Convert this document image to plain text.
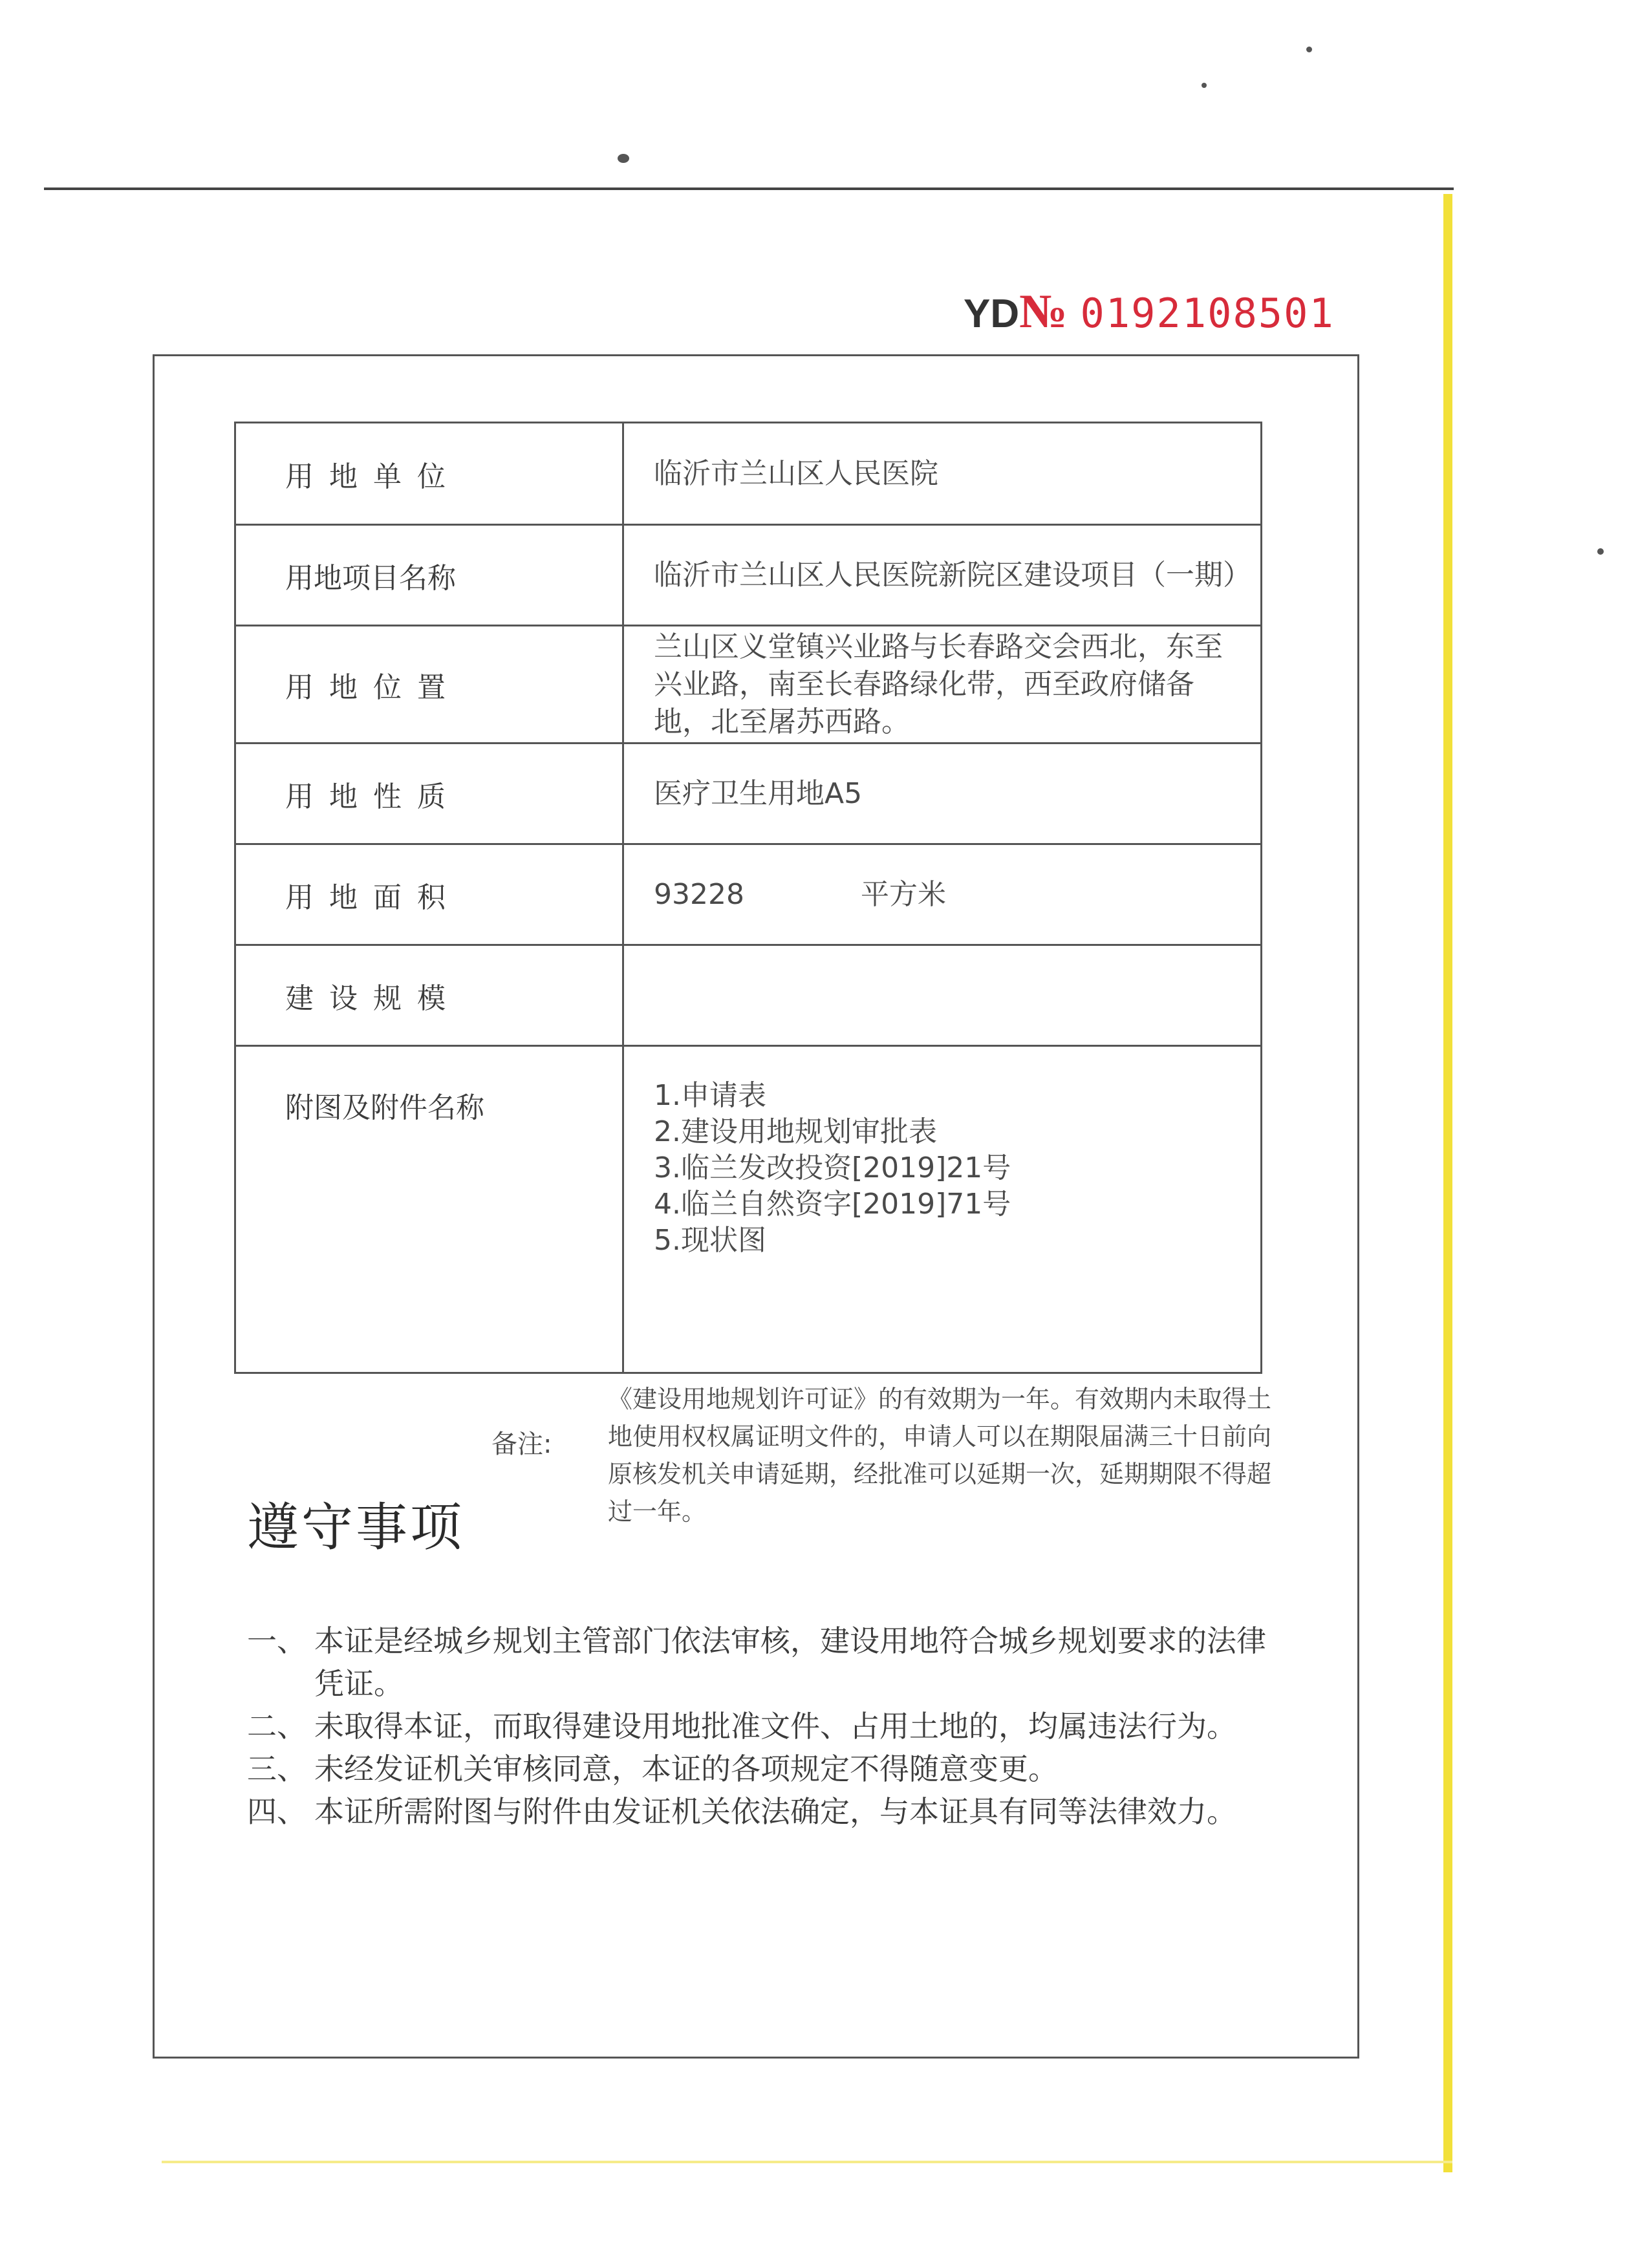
YD№ 0192108501
用地单位	临沂市兰山区人民医院
用地项目名称	临沂市兰山区人民医院新院区建设项目（一期）
用地位置	兰山区义堂镇兴业路与长春路交会西北，东至兴业路，南至长春路绿化带，西至政府储备地，北至屠苏西路。
用地性质	医疗卫生用地A5
用地面积	93228 平方米
建设规模	
附图及附件名称	1.申请表
2.建设用地规划审批表
3.临兰发改投资[2019]21号
4.临兰自然资字[2019]71号
5.现状图
备注:
《建设用地规划许可证》的有效期为一年。有效期内未取得土地使用权权属证明文件的，申请人可以在期限届满三十日前向原核发机关申请延期，经批准可以延期一次，延期期限不得超过一年。
遵守事项
一、 本证是经城乡规划主管部门依法审核，建设用地符合城乡规划要求的法律凭证。
二、 未取得本证，而取得建设用地批准文件、占用土地的，均属违法行为。
三、 未经发证机关审核同意，本证的各项规定不得随意变更。
四、 本证所需附图与附件由发证机关依法确定，与本证具有同等法律效力。
